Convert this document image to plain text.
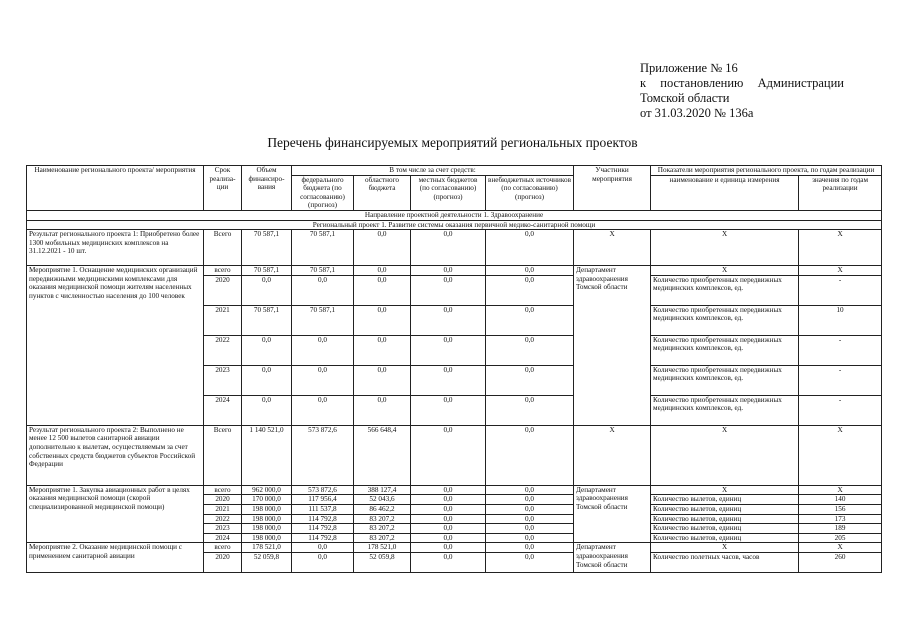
Приложение № 16
к постановлению Администрации
Томской области
от 31.03.2020 № 136а
Перечень финансируемых мероприятий региональных проектов
Наименование регионального проекта/ мероприятия	Срок реализа-ции	Объем финансиро-вания	В том числе за счет средств:				Участники мероприятия	Показатели мероприятия регионального проекта, по годам реализации	
			федерального бюджета (по согласованию) (прогноз)	областного бюджета	местных бюджетов (по согласованию) (прогноз)	внебюджетных источников (по согласованию) (прогноз)		наименование и единица измерения	значения по годам реализации
Направление проектной деятельности 1. Здравоохранение									
Региональный проект 1. Развитие системы оказания первичной медико-санитарной помощи									
Результат регионального проекта 1: Приобретено более 1300 мобильных медицинских комплексов на 31.12.2021 - 10 шт.	Всего	70 587,1	70 587,1	0,0	0,0	0,0	X	X	X
Мероприятие 1. Оснащение медицинских организаций передвижными медицинскими комплексами для оказания медицинской помощи жителям населенных пунктов с численностью населения до 100 человек	всего	70 587,1	70 587,1	0,0	0,0	0,0	Департамент здравоохранения Томской области	X	X
	2020	0,0	0,0	0,0	0,0	0,0		Количество приобретенных передвижных медицинских комплексов, ед.	-
	2021	70 587,1	70 587,1	0,0	0,0	0,0		Количество приобретенных передвижных медицинских комплексов, ед.	10
	2022	0,0	0,0	0,0	0,0	0,0		Количество приобретенных передвижных медицинских комплексов, ед.	-
	2023	0,0	0,0	0,0	0,0	0,0		Количество приобретенных передвижных медицинских комплексов, ед.	-
	2024	0,0	0,0	0,0	0,0	0,0		Количество приобретенных передвижных медицинских комплексов, ед.	-
Результат регионального проекта 2: Выполнено не менее 12 500 вылетов санитарной авиации дополнительно к вылетам, осуществляемым за счет собственных средств бюджетов субъектов Российской Федерации	Всего	1 140 521,0	573 872,6	566 648,4	0,0	0,0	X	X	X
Мероприятие 1. Закупка авиационных работ в целях оказания медицинской помощи (скорой специализированной медицинской помощи)	всего	962 000,0	573 872,6	388 127,4	0,0	0,0	Департамент здравоохранения Томской области	X	X
	2020	170 000,0	117 956,4	52 043,6	0,0	0,0		Количество вылетов, единиц	140
	2021	198 000,0	111 537,8	86 462,2	0,0	0,0		Количество вылетов, единиц	156
	2022	198 000,0	114 792,8	83 207,2	0,0	0,0		Количество вылетов, единиц	173
	2023	198 000,0	114 792,8	83 207,2	0,0	0,0		Количество вылетов, единиц	189
	2024	198 000,0	114 792,8	83 207,2	0,0	0,0		Количество вылетов, единиц	205
Мероприятие 2. Оказание медицинской помощи с применением санитарной авиации	всего	178 521,0	0,0	178 521,0	0,0	0,0	Департамент здравоохранения Томской области	X	X
	2020	52 059,8	0,0	52 059,8	0,0	0,0		Количество полетных часов, часов	260
